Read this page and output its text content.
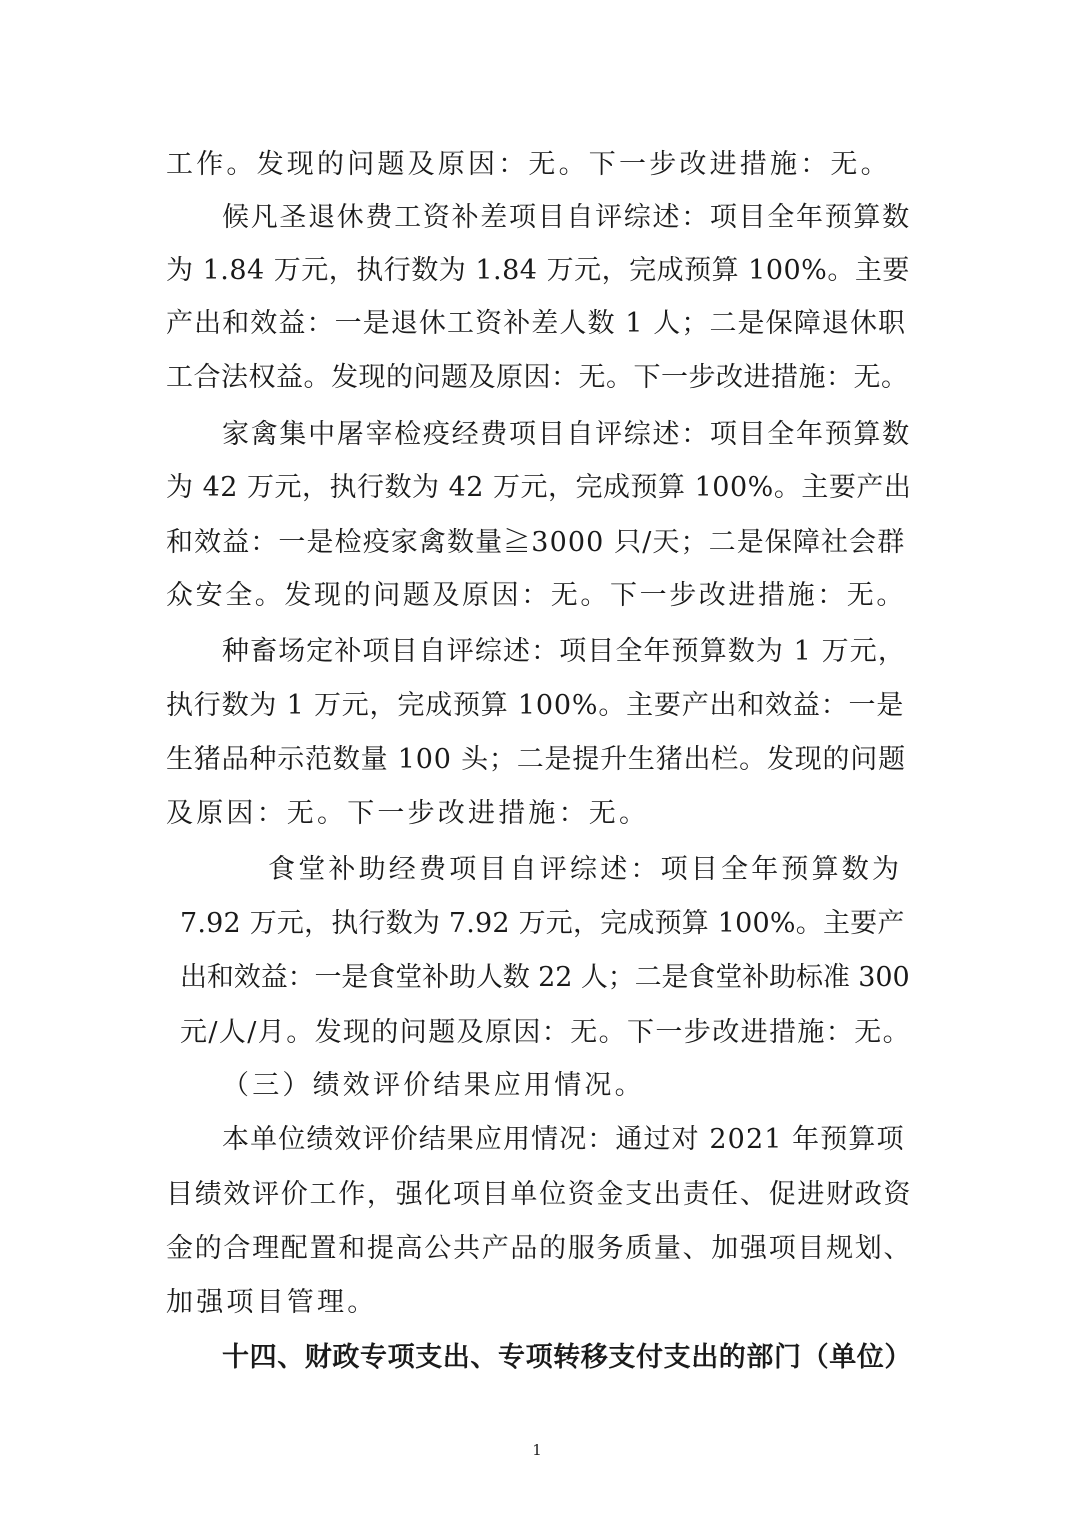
工作。发现的问题及原因：无。下一步改进措施：无。
候凡圣退休费工资补差项目自评综述：项目全年预算数
为 1.84 万元，执行数为 1.84 万元，完成预算 100%。主要
产出和效益：一是退休工资补差人数 1 人；二是保障退休职
工合法权益。发现的问题及原因：无。下一步改进措施：无。
家禽集中屠宰检疫经费项目自评综述：项目全年预算数
为 42 万元，执行数为 42 万元，完成预算 100%。主要产出
和效益：一是检疫家禽数量≧3000 只/天；二是保障社会群
众安全。发现的问题及原因：无。下一步改进措施：无。
种畜场定补项目自评综述：项目全年预算数为 1 万元，
执行数为 1 万元，完成预算 100%。主要产出和效益：一是
生猪品种示范数量 100 头；二是提升生猪出栏。发现的问题
及原因：无。下一步改进措施：无。
食堂补助经费项目自评综述：项目全年预算数为
7.92 万元，执行数为 7.92 万元，完成预算 100%。主要产
出和效益：一是食堂补助人数 22 人；二是食堂补助标准 300
元/人/月。发现的问题及原因：无。下一步改进措施：无。
（三）绩效评价结果应用情况。
本单位绩效评价结果应用情况：通过对 2021 年预算项
目绩效评价工作，强化项目单位资金支出责任、促进财政资
金的合理配置和提高公共产品的服务质量、加强项目规划、
加强项目管理。
十四、财政专项支出、专项转移支付支出的部门（单位）
1
